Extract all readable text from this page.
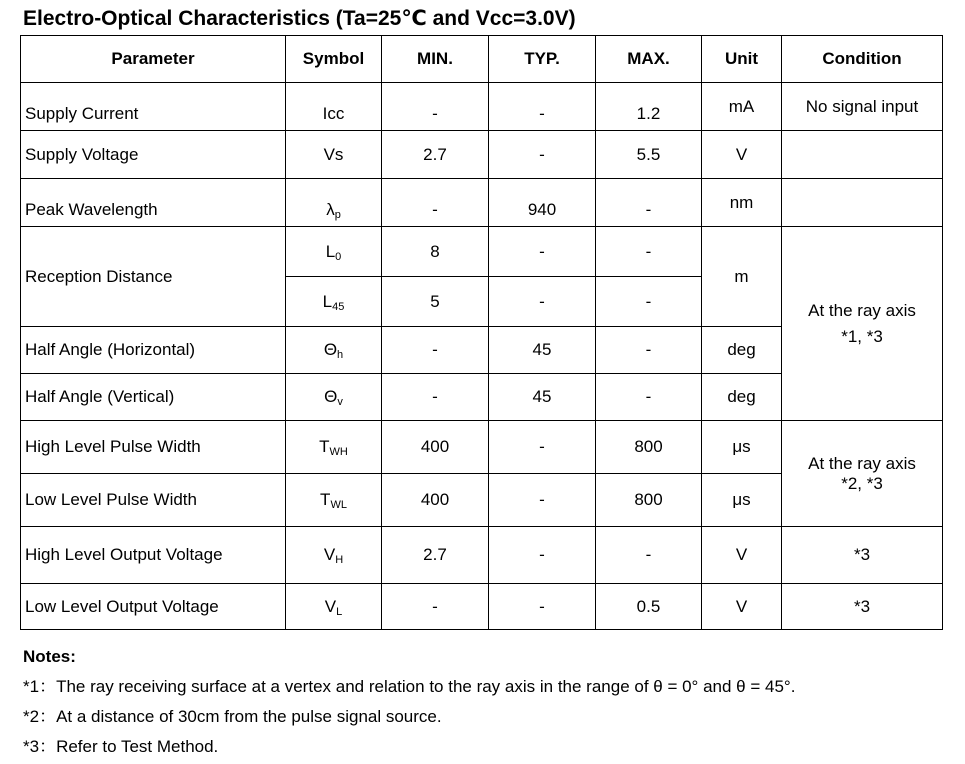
Electro-Optical Characteristics (Ta=25℃ and Vcc=3.0V)
Parameter	Symbol	MIN.	TYP.	MAX.	Unit	Condition
Supply Current	Icc	-	-	1.2	mA	No signal input
Supply Voltage	Vs	2.7	-	5.5	V	
Peak Wavelength	$\lambda_p$	-	940	-	nm	
Reception Distance	$L_0$	8	-	-	m	At the ray axis
*1, *3

	$L_{45}$	5	-	-		
Half Angle (Horizontal)	$\Theta_h$	-	45	-	deg	
Half Angle (Vertical)	$\Theta_v$	-	45	-	deg	
High Level Pulse Width	$T_{WH}$	400	-	800	μs	At the ray axis
*2, *3

Low Level Pulse Width	$T_{WL}$	400	-	800	μs	
High Level Output Voltage	$V_H$	2.7	-	-	V	*3
Low Level Output Voltage	$V_L$	-	-	0.5	V	*3
Notes:
*1：The ray receiving surface at a vertex and relation to the ray axis in the range of θ = 0° and θ = 45°.
*2：At a distance of 30cm from the pulse signal source.
*3：Refer to Test Method.
